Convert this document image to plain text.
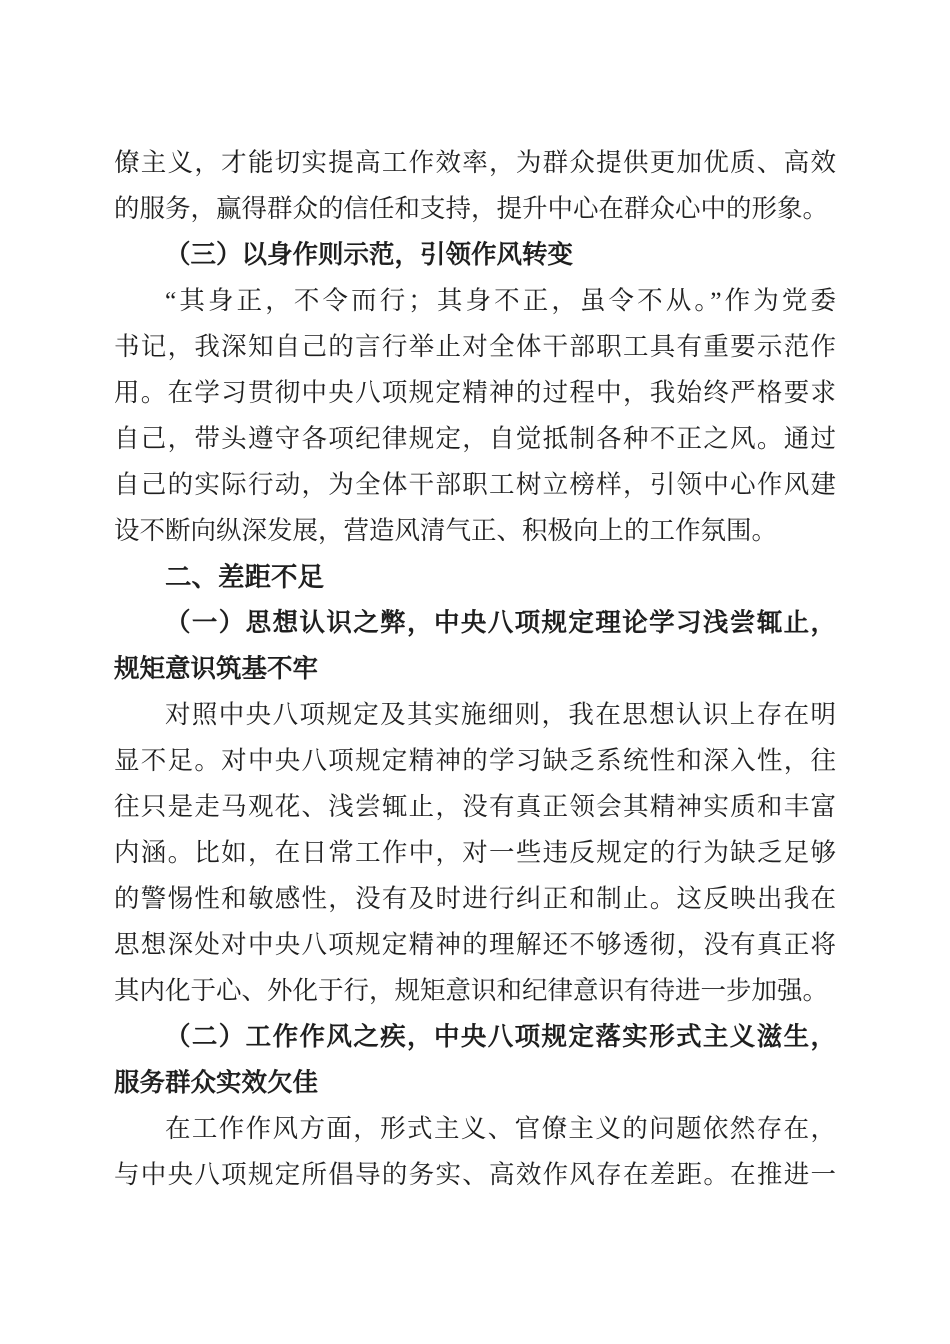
僚主义，才能切实提高工作效率，为群众提供更加优质、高效
的服务，赢得群众的信任和支持，提升中心在群众心中的形象。
（三）以身作则示范，引领作风转变
“其身正，不令而行；其身不正，虽令不从。”作为党委
书记，我深知自己的言行举止对全体干部职工具有重要示范作
用。在学习贯彻中央八项规定精神的过程中，我始终严格要求
自己，带头遵守各项纪律规定，自觉抵制各种不正之风。通过
自己的实际行动，为全体干部职工树立榜样，引领中心作风建
设不断向纵深发展，营造风清气正、积极向上的工作氛围。
二、差距不足
（一）思想认识之弊，中央八项规定理论学习浅尝辄止，
规矩意识筑基不牢
对照中央八项规定及其实施细则，我在思想认识上存在明
显不足。对中央八项规定精神的学习缺乏系统性和深入性，往
往只是走马观花、浅尝辄止，没有真正领会其精神实质和丰富
内涵。比如，在日常工作中，对一些违反规定的行为缺乏足够
的警惕性和敏感性，没有及时进行纠正和制止。这反映出我在
思想深处对中央八项规定精神的理解还不够透彻，没有真正将
其内化于心、外化于行，规矩意识和纪律意识有待进一步加强。
（二）工作作风之疾，中央八项规定落实形式主义滋生，
服务群众实效欠佳
在工作作风方面，形式主义、官僚主义的问题依然存在，
与中央八项规定所倡导的务实、高效作风存在差距。在推进一
